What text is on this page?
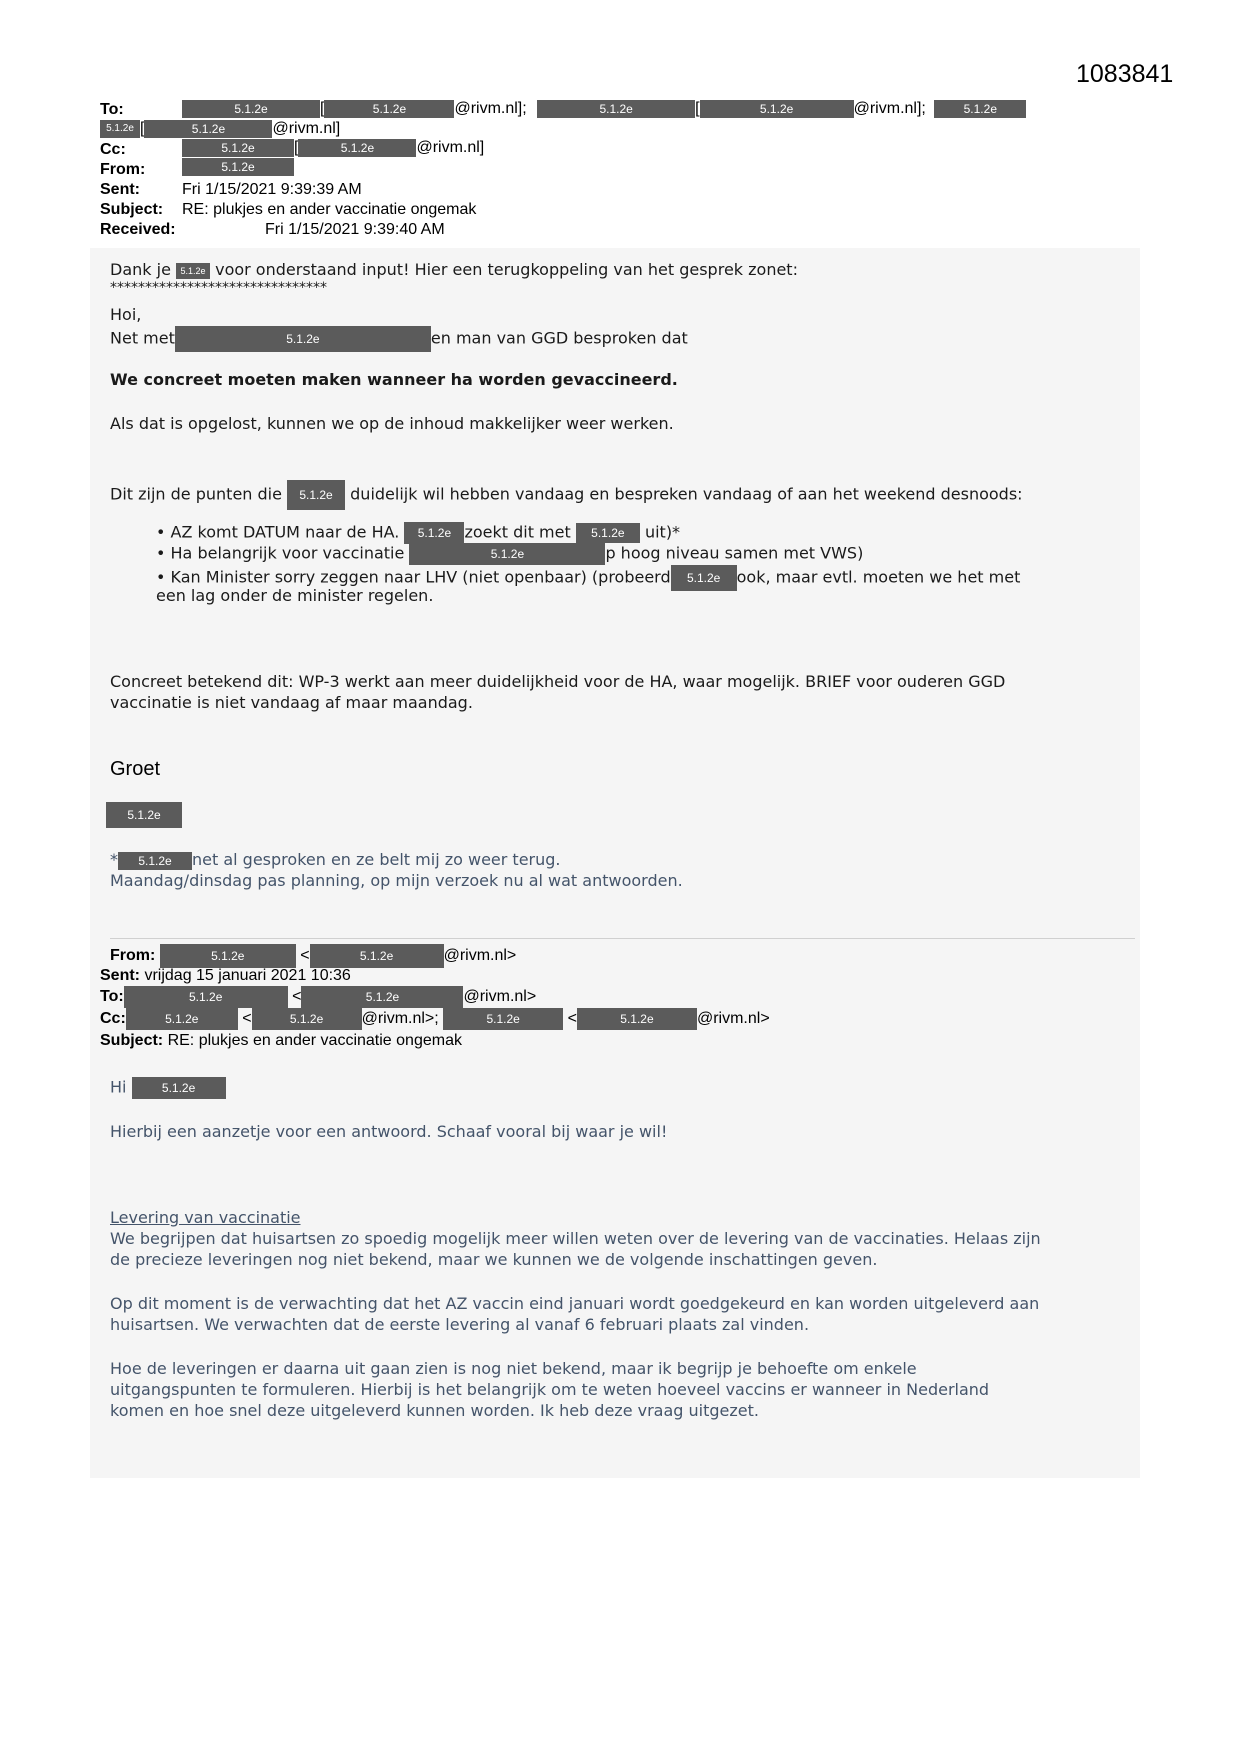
1083841
To:	5.1.2e	[	5.1.2e	@rivm.nl];	5.1.2e	[	5.1.2e	@rivm.nl];	5.1.2e
5.1.2e [	5.1.2e	@rivm.nl]
Cc:	5.1.2e [	5.1.2e	@rivm.nl]
From:	5.1.2e
Sent:	Fri 1/15/2021 9:39:39 AM
Subject: RE: plukjes en ander vaccinatie ongemak
Received:	Fri 1/15/2021 9:39:40 AM
Dank je 5.1.2e voor onderstaand input! Hier een terugkoppeling van het gesprek zonet:
*******************************
Hoi,
Net met	5.1.2e	en man van GGD besproken dat
We concreet moeten maken wanneer ha worden gevaccineerd.
Als dat is opgelost, kunnen we op de inhoud makkelijker weer werken.
Dit zijn de punten die 5.1.2e duidelijk wil hebben vandaag en bespreken vandaag of aan het weekend desnoods:
• AZ komt DATUM naar de HA. 5.1.2e zoekt dit met 5.1.2e uit)*
• Ha belangrijk voor vaccinatie	5.1.2e	p hoog niveau samen met VWS)
• Kan Minister sorry zeggen naar LHV (niet openbaar) (probeerd 5.1.2e ook, maar evtl. moeten we het met
een lag onder de minister regelen.
Concreet betekend dit: WP-3 werkt aan meer duidelijkheid voor de HA, waar mogelijk. BRIEF voor ouderen GGD
vaccinatie is niet vandaag af maar maandag.
Groet
5.1.2e
* 5.1.2e net al gesproken en ze belt mij zo weer terug.
Maandag/dinsdag pas planning, op mijn verzoek nu al wat antwoorden.
From:	5.1.2e	<	5.1.2e	@rivm.nl>
Sent: vrijdag 15 januari 2021 10:36
To:	5.1.2e	<	5.1.2e	@rivm.nl>
Cc:	5.1.2e	<	5.1.2e @rivm.nl>;	5.1.2e	<	5.1.2e	@rivm.nl>
Subject: RE: plukjes en ander vaccinatie ongemak
Hi	5.1.2e
Hierbij een aanzetje voor een antwoord. Schaaf vooral bij waar je wil!
Levering van vaccinatie
We begrijpen dat huisartsen zo spoedig mogelijk meer willen weten over de levering van de vaccinaties. Helaas zijn
de precieze leveringen nog niet bekend, maar we kunnen we de volgende inschattingen geven.
Op dit moment is de verwachting dat het AZ vaccin eind januari wordt goedgekeurd en kan worden uitgeleverd aan
huisartsen. We verwachten dat de eerste levering al vanaf 6 februari plaats zal vinden.
Hoe de leveringen er daarna uit gaan zien is nog niet bekend, maar ik begrijp je behoefte om enkele
uitgangspunten te formuleren. Hierbij is het belangrijk om te weten hoeveel vaccins er wanneer in Nederland
komen en hoe snel deze uitgeleverd kunnen worden. Ik heb deze vraag uitgezet.
